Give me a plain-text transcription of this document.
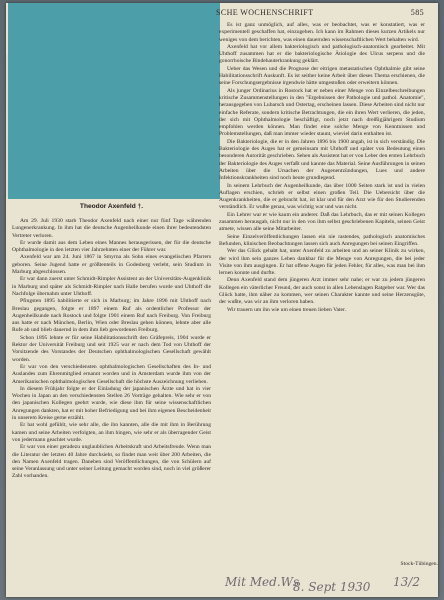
SCHE WOCHENSCHRIFT	585
Theodor Axenfeld †.

Am 29. Juli 1930 starb Theodor Axenfeld nach einer nur fünf Tage währenden Lungenerkrankung. In ihm hat die deutsche Augenheilkunde einen ihrer bedeutendsten Vertreter verloren.

Er wurde damit aus dem Leben eines Mannes herausgerissen, der für die deutsche Ophthalmologie in den letzten vier Jahrzehnten einer der Führer war.

Axenfeld war am 24. Juni 1867 in Smyrna als Sohn eines evangelischen Pfarrers geboren. Seine Jugend hatte er größtenteils in Godesberg verlebt, sein Studium in Marburg abgeschlossen.

Er war dann zuerst unter Schmidt-Rimpler Assistent an der Universitäts-Augenklinik in Marburg und später als Schmidt-Rimpler nach Halle berufen wurde und Uhthoff die Nachfolge übernahm unter Uhthoff.

Pfingsten 1895 habilitierte er sich in Marburg; im Jahre 1896 mit Uhthoff nach Breslau gegangen, folgte er 1897 einem Ruf als ordentlicher Professor der Augenheilkunde nach Rostock und folgte 1901 einem Ruf nach Freiburg. Von Freiburg aus hatte er nach München, Berlin, Wien oder Breslau gehen können, lehnte aber alle Rufe ab und blieb dauernd in dem ihm lieb gewordenen Freiburg.

Schon 1895 lehnte er für seine Habilitationsschrift den Gräfepreis, 1904 wurde er Rektor der Universität Freiburg und seit 1925 war er nach dem Tod von Uhthoff der Vorsitzende des Vorstandes der Deutschen ophthalmologischen Gesellschaft gewählt worden.

Er war von den verschiedensten ophthalmologischen Gesellschaften des In- und Auslandes zum Ehrenmitglied ernannt worden und in Amsterdam wurde ihm von der Amerikanischen ophthalmologischen Gesellschaft die höchste Auszeichnung verliehen.

In diesem Frühjahr folgte er der Einladung der japanischen Ärzte und hat in vier Wochen in Japan an den verschiedensten Stellen 26 Vorträge gehalten. Wie sehr er von den japanischen Kollegen geehrt wurde, wie diese ihm für seine wissenschaftlichen Anregungen dankten, hat er mit hoher Befriedigung und bei ihm eigenen Bescheidenheit in unserem Kreise gerne erzählt.

Er hat wohl gefühlt, wie sehr alle, die ihn kannten, alle die mit ihm in Berührung kamen und seine Arbeiten verfolgten, an ihm hingen, wie sehr er als überragender Geist von jedermann geachtet wurde.

Er war von einer geradezu unglaublichen Arbeitskraft und Arbeitsfreude. Wenn man die Literatur der letzten 40 Jahre durchsieht, so findet man weit über 200 Arbeiten, die den Namen Axenfeld tragen. Daneben sind Veröffentlichungen, die von Schülern auf seine Veranlassung und unter seiner Leitung gemacht worden sind, noch in viel größerer Zahl vorhanden.

Es ist ganz unmöglich, auf alles, was er beobachtet, was er konstatiert, was er experimentell geschaffen hat, einzugehen. Ich kann im Rahmen dieses kurzen Artikels nur weniges von dem berichten, was einen dauernden wissenschaftlichen Wert behalten wird.

Axenfeld hat vor allem bakteriologisch und pathologisch-anatomisch gearbeitet. Mit Uhthoff zusammen hat er die bakteriologische Ätiologie des Ulcus serpens und die gonorrhoische Bindehauterkrankung geklärt.

Ueber das Wesen und die Prognose der eitrigen metastatischen Ophthalmie gibt seine Habilitationsschrift Auskunft. Es ist seither keine Arbeit über dieses Thema erschienen, die seine Forschungsergebnisse irgendwie hätte umgestoßen oder erweitern können.

Als junger Ordinarius in Rostock hat er neben einer Menge von Einzelbeschreibungen kritische Zusammenstellungen in den "Ergebnissen der Pathologie und pathol. Anatomie", herausgegeben von Lubarsch und Ostertag, erscheinen lassen. Diese Arbeiten sind nicht nur einfache Referate, sondern kritische Betrachtungen, die ein ihren Wert verlieren, die jeden, der sich mit Ophthalmologie beschäftigt, noch jetzt nach dreißigjährigem Studium empfohlen werden können. Man findet eine solche Menge von Kenntnissen und Problemstellungen, daß man immer wieder staunt, wieviel darin enthalten ist.

Die Bakteriologie, die er in den Jahren 1896 bis 1900 angab, ist in sich verständig. Die Bakteriologie des Auges hat er gemeinsam mit Uhthoff und später von Bedeutung einen besonderen Autorität geschrieben. Sehen als Assistent hat er von Leber den ersten Lehrbuch der Bakteriologie des Auges verfaßt und kannte das Material. Seine Ausführungen in seinen Arbeiten über die Ursachen der Augenentzündungen, Lues und andere Infektionskrankheiten sind noch heute grundlegend.

In seinem Lehrbuch der Augenheilkunde, das über 1000 Seiten stark ist und in vielen Auflagen erschien, schrieb er selbst einen großen Teil. Die Uebersicht über die Augenkrankheiten, die er gebracht hat, ist klar und für den Arzt wie für den Studierenden verständlich. Er wußte genau, was wichtig war und was nicht.

Ein Lehrer war er wie kaum ein anderer. Daß das Lehrbuch, das er mit seinen Kollegen zusammen herausgab, nicht nur in den von ihm selbst geschriebenen Kapiteln, seinen Geist atmete, wissen alle seine Mitarbeiter.

Seine Einzelveröffentlichungen lassen ein nie rastendes, pathologisch anatomisches Befunden, klinischen Beobachtungen lassen sich auch Anregungen bei seinen Eingriffen.

Wer das Glück gehabt hat, unter Axenfeld zu arbeiten und an seiner Klinik zu wirken, der wird ihm sein ganzes Leben dankbar für die Menge von Anregungen, die bei jeder Visite von ihm ausgingen. Er hat offene Augen für jeden Fehler, für alles, was man bei ihm lernen konnte und durfte.

Denn Axenfeld stand dem jüngeren Arzt immer sehr nahe; er war zu jedem jüngeren Kollegen ein väterlicher Freund, der auch sonst in allen Lebenslagen Ratgeber war. Wer das Glück hatte, ihm näher zu kommen, wer seinen Charakter kannte und seine Herzensgüte, der wußte, was wir an ihm verloren haben.

Wir trauern um ihn wie um einen treuen lieben Vater.

Stock-Tübingen.
Mit Med.Ws
8. Sept 1930 13/2
